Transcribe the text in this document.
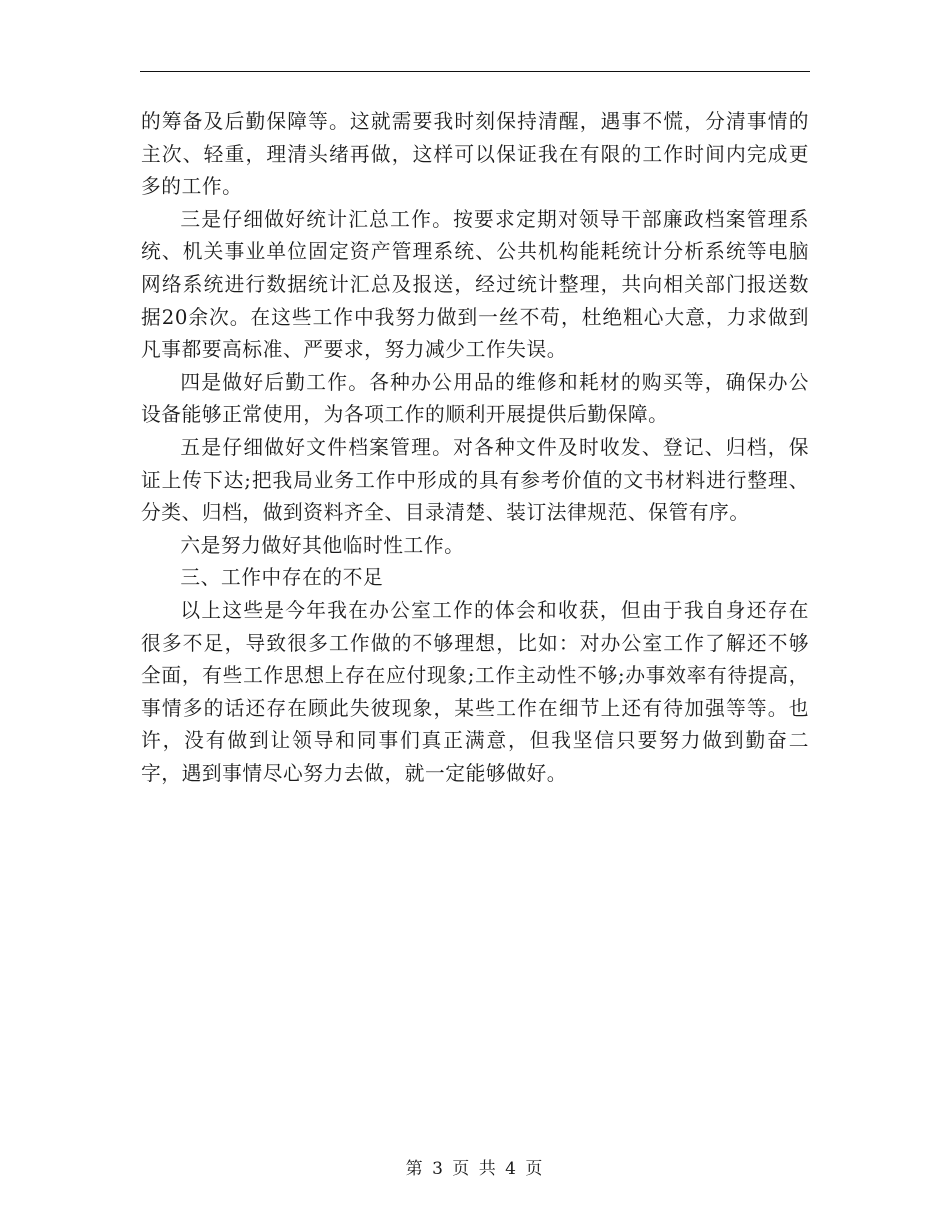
的筹备及后勤保障等。这就需要我时刻保持清醒，遇事不慌，分清事情的主次、轻重，理清头绪再做，这样可以保证我在有限的工作时间内完成更多的工作。

三是仔细做好统计汇总工作。按要求定期对领导干部廉政档案管理系统、机关事业单位固定资产管理系统、公共机构能耗统计分析系统等电脑网络系统进行数据统计汇总及报送，经过统计整理，共向相关部门报送数据20余次。在这些工作中我努力做到一丝不苟，杜绝粗心大意，力求做到凡事都要高标准、严要求，努力减少工作失误。

四是做好后勤工作。各种办公用品的维修和耗材的购买等，确保办公设备能够正常使用，为各项工作的顺利开展提供后勤保障。

五是仔细做好文件档案管理。对各种文件及时收发、登记、归档，保证上传下达;把我局业务工作中形成的具有参考价值的文书材料进行整理、分类、归档，做到资料齐全、目录清楚、装订法律规范、保管有序。

六是努力做好其他临时性工作。

三、工作中存在的不足

以上这些是今年我在办公室工作的体会和收获，但由于我自身还存在很多不足，导致很多工作做的不够理想，比如：对办公室工作了解还不够全面，有些工作思想上存在应付现象;工作主动性不够;办事效率有待提高，事情多的话还存在顾此失彼现象，某些工作在细节上还有待加强等等。也许，没有做到让领导和同事们真正满意，但我坚信只要努力做到勤奋二字，遇到事情尽心努力去做，就一定能够做好。

第 3 页 共 4 页
